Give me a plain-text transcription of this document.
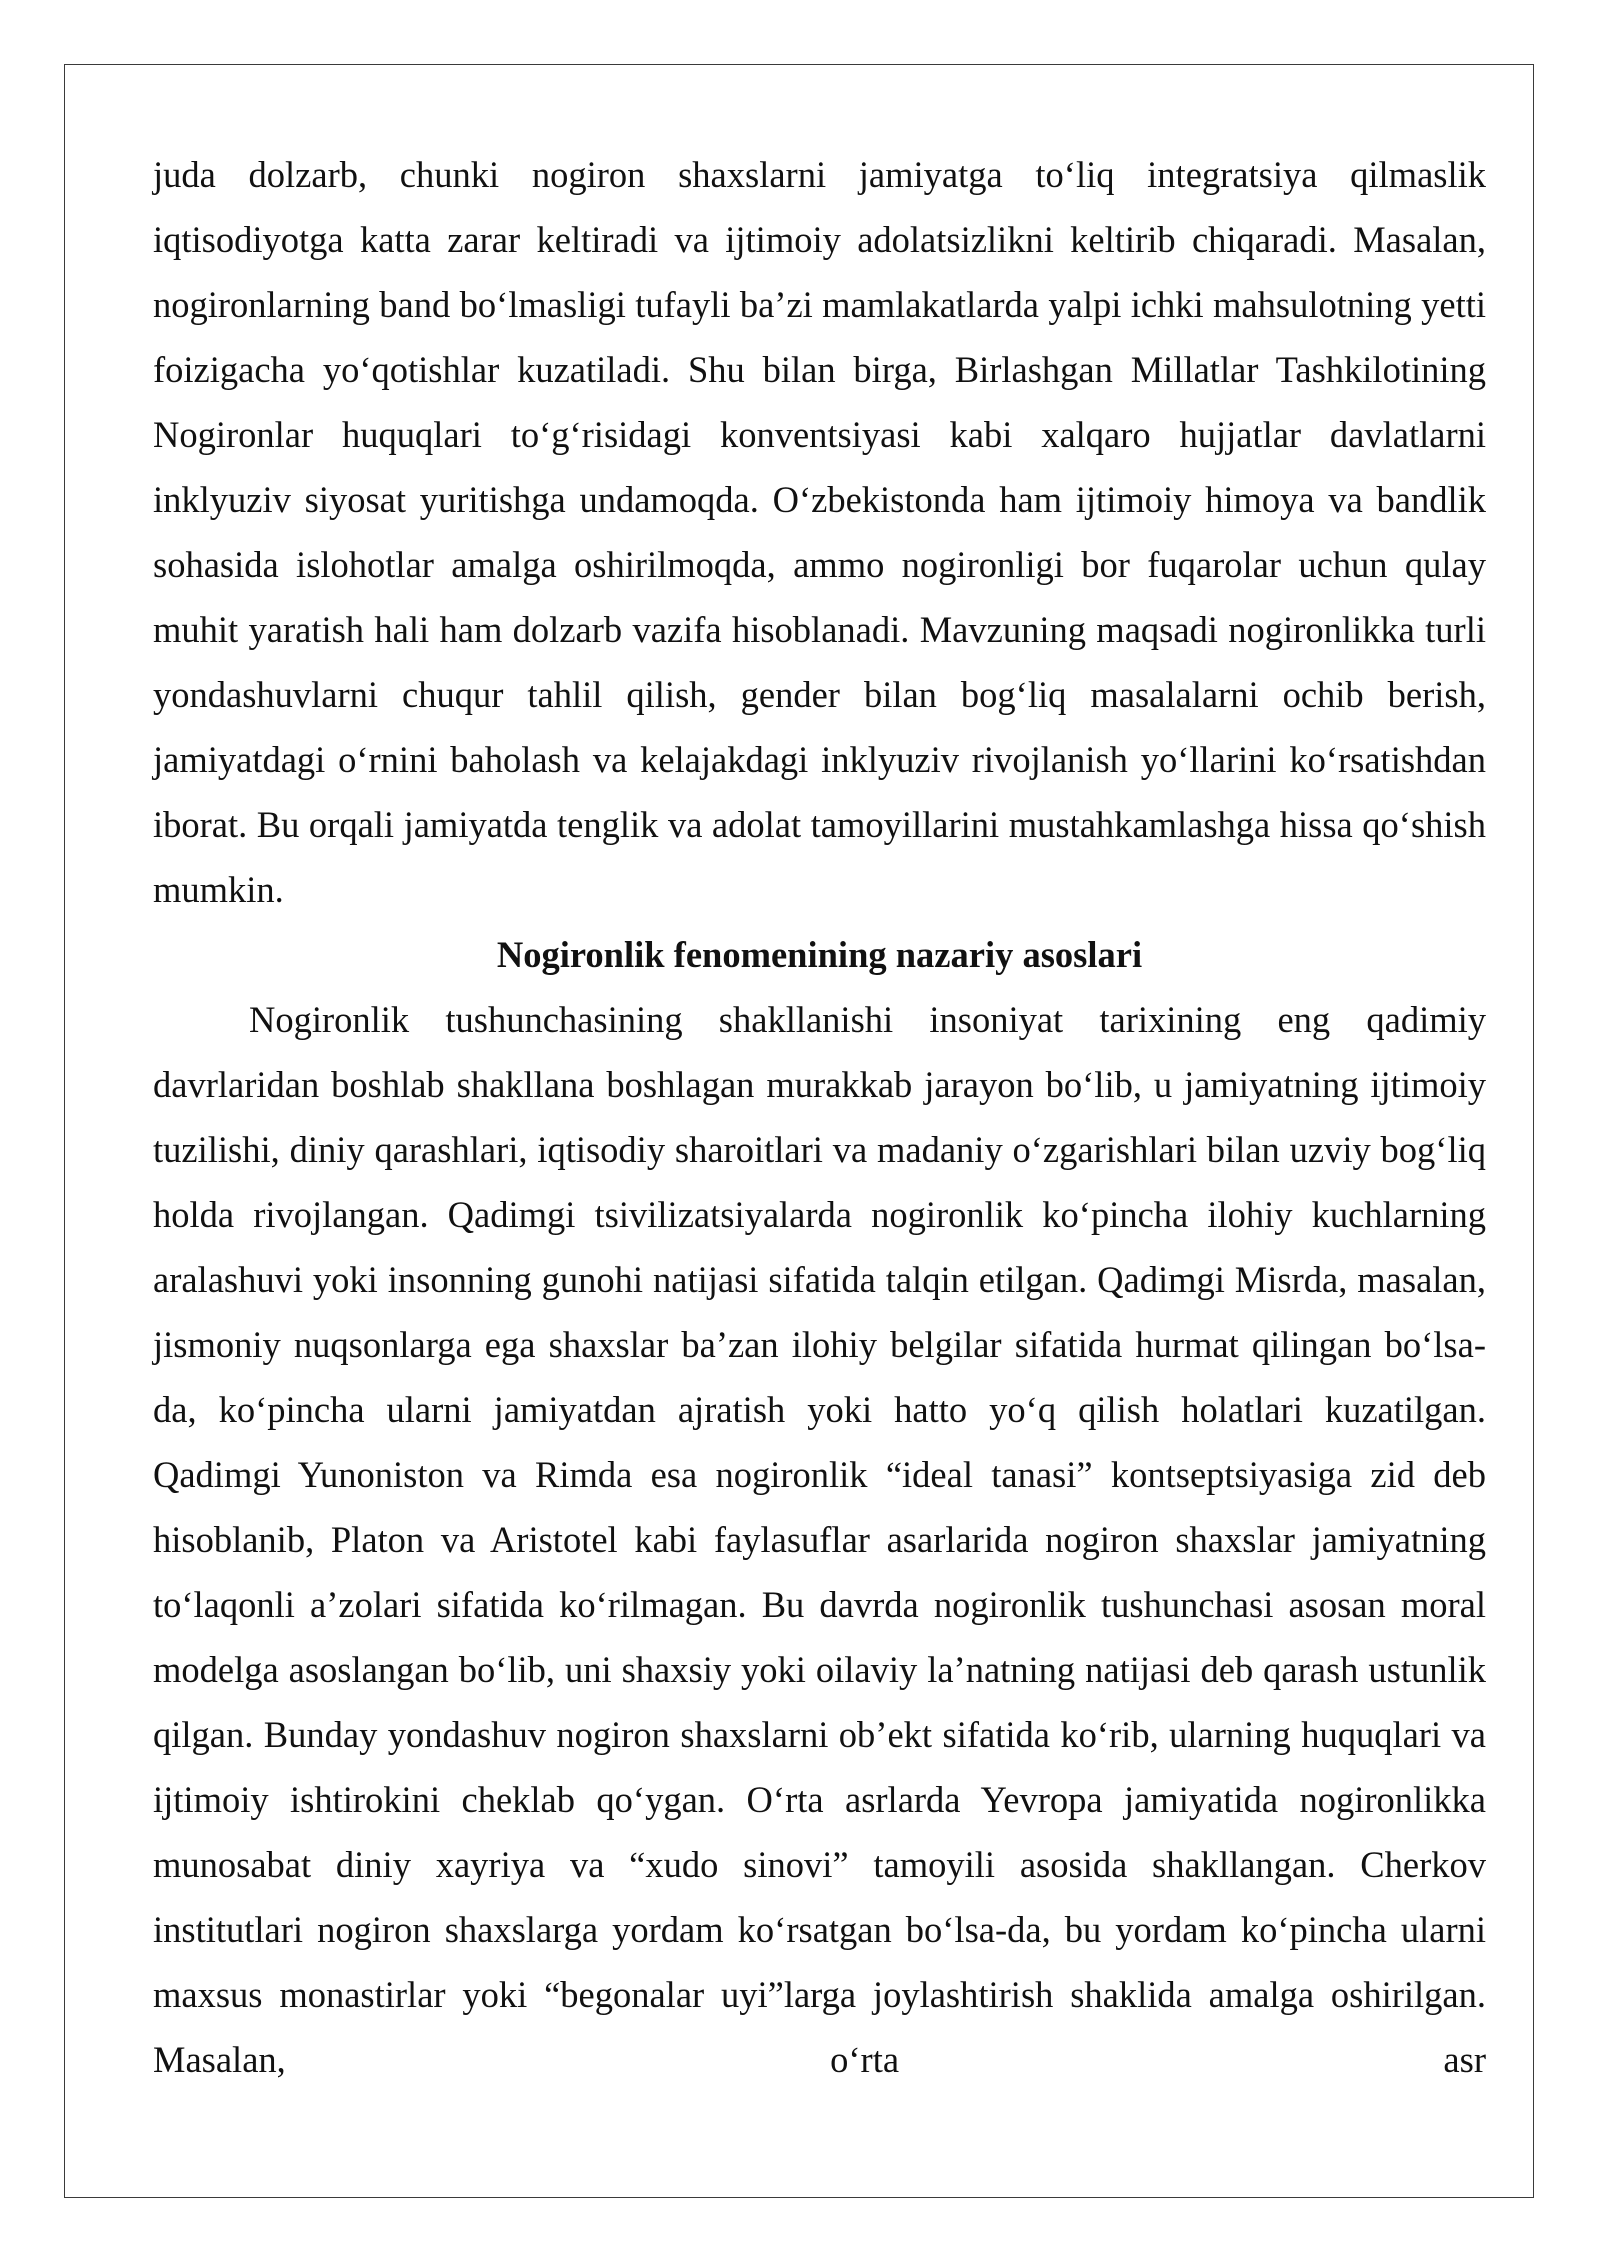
juda dolzarb, chunki nogiron shaxslarni jamiyatga to‘liq integratsiya qilmaslik iqtisodiyotga katta zarar keltiradi va ijtimoiy adolatsizlikni keltirib chiqaradi. Masalan, nogironlarning band bo‘lmasligi tufayli ba’zi mamlakatlarda yalpi ichki mahsulotning yetti foizigacha yo‘qotishlar kuzatiladi. Shu bilan birga, Birlashgan Millatlar Tashkilotining Nogironlar huquqlari to‘g‘risidagi konventsiyasi kabi xalqaro hujjatlar davlatlarni inklyuziv siyosat yuritishga undamoqda. O‘zbekistonda ham ijtimoiy himoya va bandlik sohasida islohotlar amalga oshirilmoqda, ammo nogironligi bor fuqarolar uchun qulay muhit yaratish hali ham dolzarb vazifa hisoblanadi. Mavzuning maqsadi nogironlikka turli yondashuvlarni chuqur tahlil qilish, gender bilan bog‘liq masalalarni ochib berish, jamiyatdagi o‘rnini baholash va kelajakdagi inklyuziv rivojlanish yo‘llarini ko‘rsatishdan iborat. Bu orqali jamiyatda tenglik va adolat tamoyillarini mustahkamlashga hissa qo‘shish mumkin.

Nogironlik fenomenining nazariy asoslari

Nogironlik tushunchasining shakllanishi insoniyat tarixining eng qadimiy davrlaridan boshlab shakllana boshlagan murakkab jarayon bo‘lib, u jamiyatning ijtimoiy tuzilishi, diniy qarashlari, iqtisodiy sharoitlari va madaniy o‘zgarishlari bilan uzviy bog‘liq holda rivojlangan. Qadimgi tsivilizatsiyalarda nogironlik ko‘pincha ilohiy kuchlarning aralashuvi yoki insonning gunohi natijasi sifatida talqin etilgan. Qadimgi Misrda, masalan, jismoniy nuqsonlarga ega shaxslar ba’zan ilohiy belgilar sifatida hurmat qilingan bo‘lsa-da, ko‘pincha ularni jamiyatdan ajratish yoki hatto yo‘q qilish holatlari kuzatilgan. Qadimgi Yunoniston va Rimda esa nogironlik “ideal tanasi” kontseptsiyasiga zid deb hisoblanib, Platon va Aristotel kabi faylasuflar asarlarida nogiron shaxslar jamiyatning to‘laqonli a’zolari sifatida ko‘rilmagan. Bu davrda nogironlik tushunchasi asosan moral modelga asoslangan bo‘lib, uni shaxsiy yoki oilaviy la’natning natijasi deb qarash ustunlik qilgan. Bunday yondashuv nogiron shaxslarni ob’ekt sifatida ko‘rib, ularning huquqlari va ijtimoiy ishtirokini cheklab qo‘ygan. O‘rta asrlarda Yevropa jamiyatida nogironlikka munosabat diniy xayriya va “xudo sinovi” tamoyili asosida shakllangan. Cherkov institutlari nogiron shaxslarga yordam ko‘rsatgan bo‘lsa-da, bu yordam ko‘pincha ularni maxsus monastirlar yoki “begonalar uyi”larga joylashtirish shaklida amalga oshirilgan. Masalan, o‘rta asr
